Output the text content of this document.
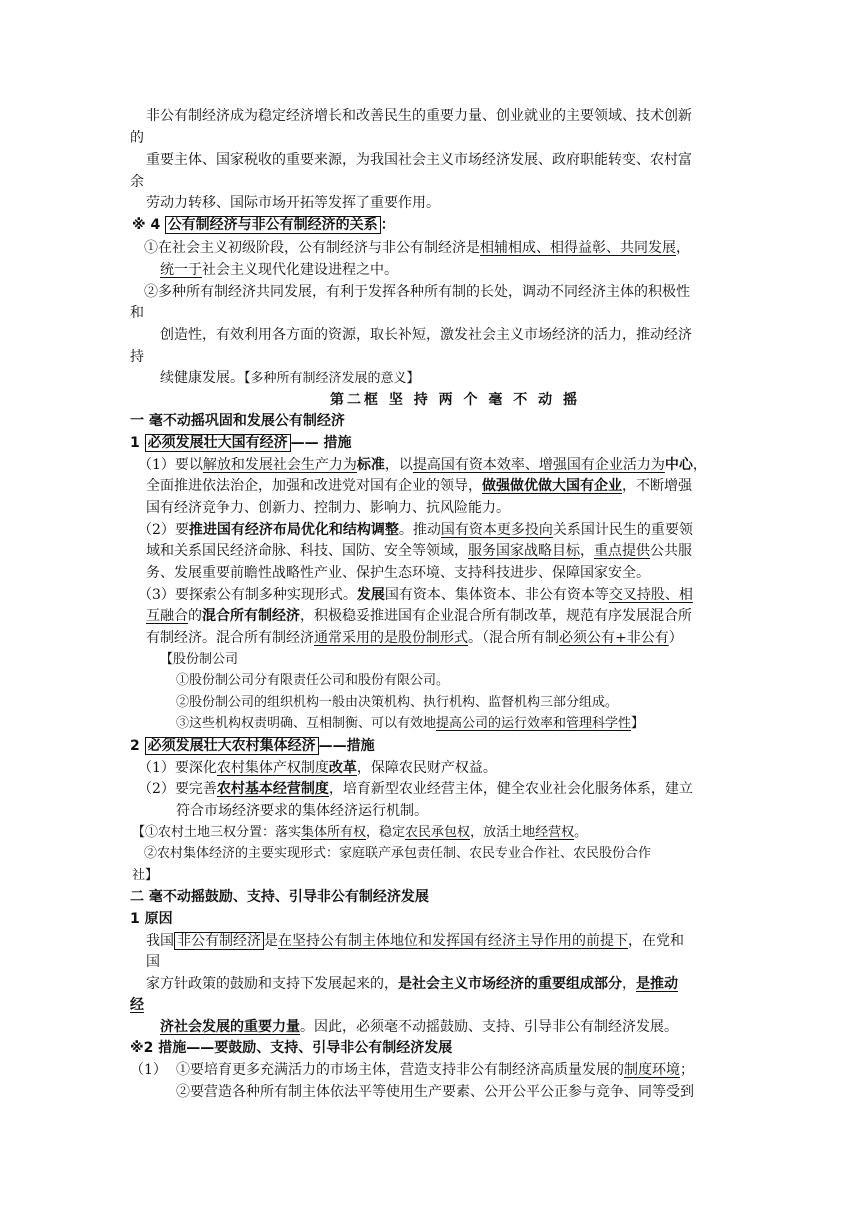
非公有制经济成为稳定经济增长和改善民生的重要力量、创业就业的主要领域、技术创新
的
重要主体、国家税收的重要来源，为我国社会主义市场经济发展、政府职能转变、农村富
余
劳动力转移、国际市场开拓等发挥了重要作用。
※ 4 公有制经济与非公有制经济的关系 ：
①在社会主义初级阶段，公有制经济与非公有制经济是相辅相成、相得益彰、共同发展，
统一于社会主义现代化建设进程之中。
②多种所有制经济共同发展，有利于发挥各种所有制的长处，调动不同经济主体的积极性
和
创造性，有效利用各方面的资源，取长补短，激发社会主义市场经济的活力，推动经济
持
续健康发展。【多种所有制经济发展的意义】
第二框 坚 持 两 个 毫 不 动 摇
一 毫不动摇巩固和发展公有制经济
1 必须发展壮大国有经济 —— 措施
（1）要以解放和发展社会生产力为标准，以提高国有资本效率、增强国有企业活力为中心，
全面推进依法治企，加强和改进党对国有企业的领导，做强做优做大国有企业，不断增强
国有经济竞争力、创新力、控制力、影响力、抗风险能力。
（2）要推进国有经济布局优化和结构调整。推动国有资本更多投向关系国计民生的重要领
域和关系国民经济命脉、科技、国防、安全等领域，服务国家战略目标，重点提供公共服
务、发展重要前瞻性战略性产业、保护生态环境、支持科技进步、保障国家安全。
（3）要探索公有制多种实现形式。发展国有资本、集体资本、非公有资本等交叉持股、相
互融合的混合所有制经济，积极稳妥推进国有企业混合所有制改革，规范有序发展混合所
有制经济。混合所有制经济通常采用的是股份制形式。（混合所有制必须公有+非公有）
【股份制公司
①股份制公司分有限责任公司和股份有限公司。
②股份制公司的组织机构一般由决策机构、执行机构、监督机构三部分组成。
③这些机构权责明确、互相制衡、可以有效地提高公司的运行效率和管理科学性】
2 必须发展壮大农村集体经济 ——措施
（1）要深化农村集体产权制度改革，保障农民财产权益。
（2）要完善农村基本经营制度，培育新型农业经营主体，健全农业社会化服务体系，建立
符合市场经济要求的集体经济运行机制。
【①农村土地三权分置：落实集体所有权，稳定农民承包权，放活土地经营权。
②农村集体经济的主要实现形式：家庭联产承包责任制、农民专业合作社、农民股份合作
社】
二 毫不动摇鼓励、支持、引导非公有制经济发展
1 原因
我国 非公有制经济 是在坚持公有制主体地位和发挥国有经济主导作用的前提下，在党和
国
家方针政策的鼓励和支持下发展起来的，是社会主义市场经济的重要组成部分，是推动
经
济社会发展的重要力量。因此，必须毫不动摇鼓励、支持、引导非公有制经济发展。
※2 措施——要鼓励、支持、引导非公有制经济发展
（1） ①要培育更多充满活力的市场主体，营造支持非公有制经济高质量发展的制度环境；
②要营造各种所有制主体依法平等使用生产要素、公开公平公正参与竞争、同等受到
